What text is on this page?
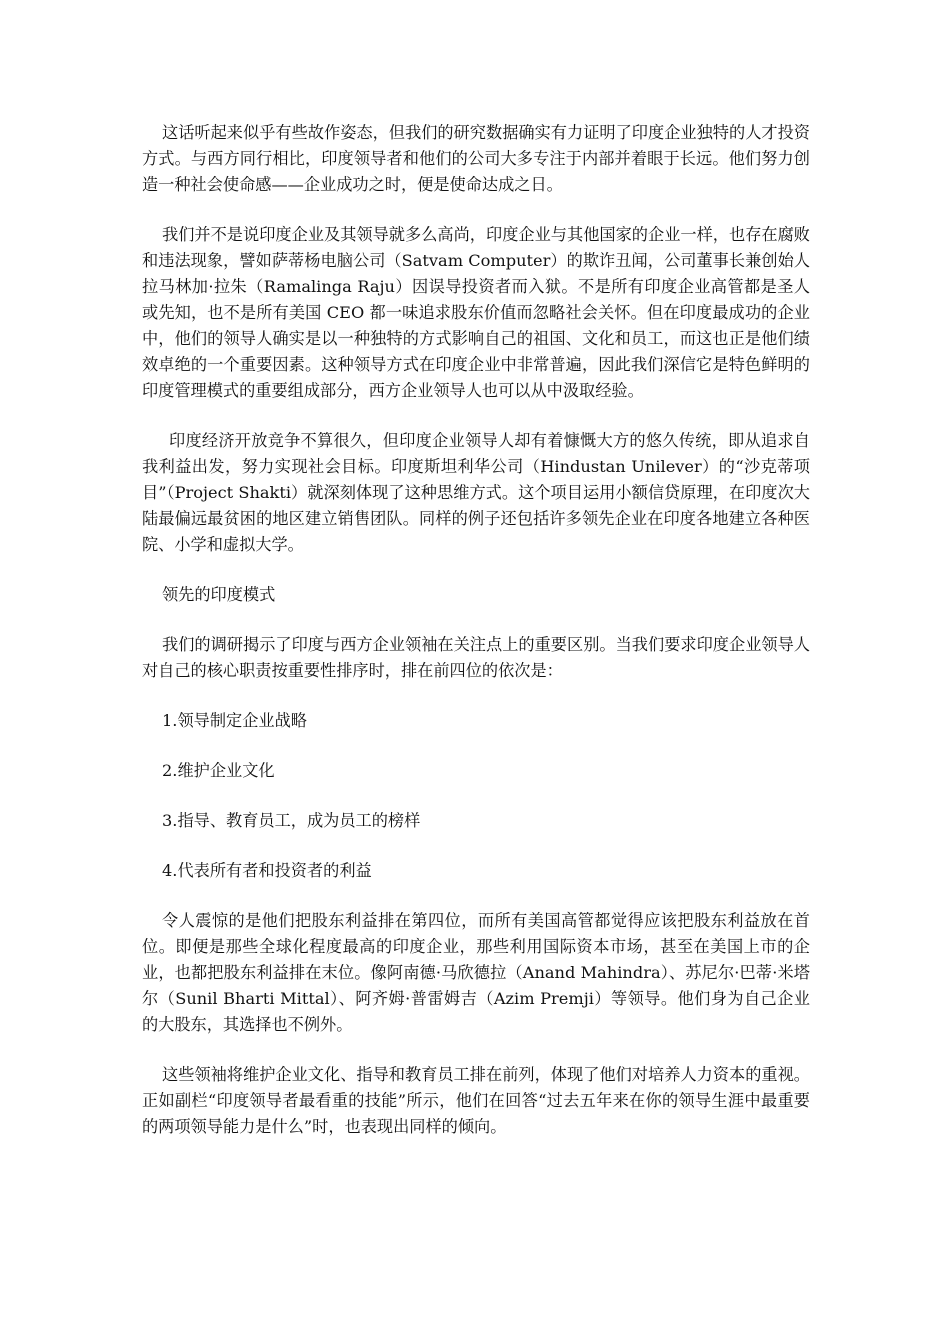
这话听起来似乎有些故作姿态，但我们的研究数据确实有力证明了印度企业独特的人才投资方式。与西方同行相比，印度领导者和他们的公司大多专注于内部并着眼于长远。他们努力创造一种社会使命感——企业成功之时，便是使命达成之日。

我们并不是说印度企业及其领导就多么高尚，印度企业与其他国家的企业一样，也存在腐败和违法现象，譬如萨蒂杨电脑公司（Satvam Computer）的欺诈丑闻，公司董事长兼创始人拉马林加·拉朱（Ramalinga Raju）因误导投资者而入狱。不是所有印度企业高管都是圣人或先知，也不是所有美国 CEO 都一味追求股东价值而忽略社会关怀。但在印度最成功的企业中，他们的领导人确实是以一种独特的方式影响自己的祖国、文化和员工，而这也正是他们绩效卓绝的一个重要因素。这种领导方式在印度企业中非常普遍，因此我们深信它是特色鲜明的印度管理模式的重要组成部分，西方企业领导人也可以从中汲取经验。

印度经济开放竞争不算很久，但印度企业领导人却有着慷慨大方的悠久传统，即从追求自我利益出发，努力实现社会目标。印度斯坦利华公司（Hindustan Unilever）的“沙克蒂项目”（Project Shakti）就深刻体现了这种思维方式。这个项目运用小额信贷原理，在印度次大陆最偏远最贫困的地区建立销售团队。同样的例子还包括许多领先企业在印度各地建立各种医院、小学和虚拟大学。

领先的印度模式

我们的调研揭示了印度与西方企业领袖在关注点上的重要区别。当我们要求印度企业领导人对自己的核心职责按重要性排序时，排在前四位的依次是：

1.领导制定企业战略

2.维护企业文化

3.指导、教育员工，成为员工的榜样

4.代表所有者和投资者的利益

令人震惊的是他们把股东利益排在第四位，而所有美国高管都觉得应该把股东利益放在首位。即便是那些全球化程度最高的印度企业，那些利用国际资本市场，甚至在美国上市的企业，也都把股东利益排在末位。像阿南德·马欣德拉（Anand Mahindra）、苏尼尔·巴蒂·米塔尔（Sunil Bharti Mittal）、阿齐姆·普雷姆吉（Azim Premji）等领导。他们身为自己企业的大股东，其选择也不例外。

这些领袖将维护企业文化、指导和教育员工排在前列，体现了他们对培养人力资本的重视。正如副栏“印度领导者最看重的技能”所示，他们在回答“过去五年来在你的领导生涯中最重要的两项领导能力是什么”时，也表现出同样的倾向。
